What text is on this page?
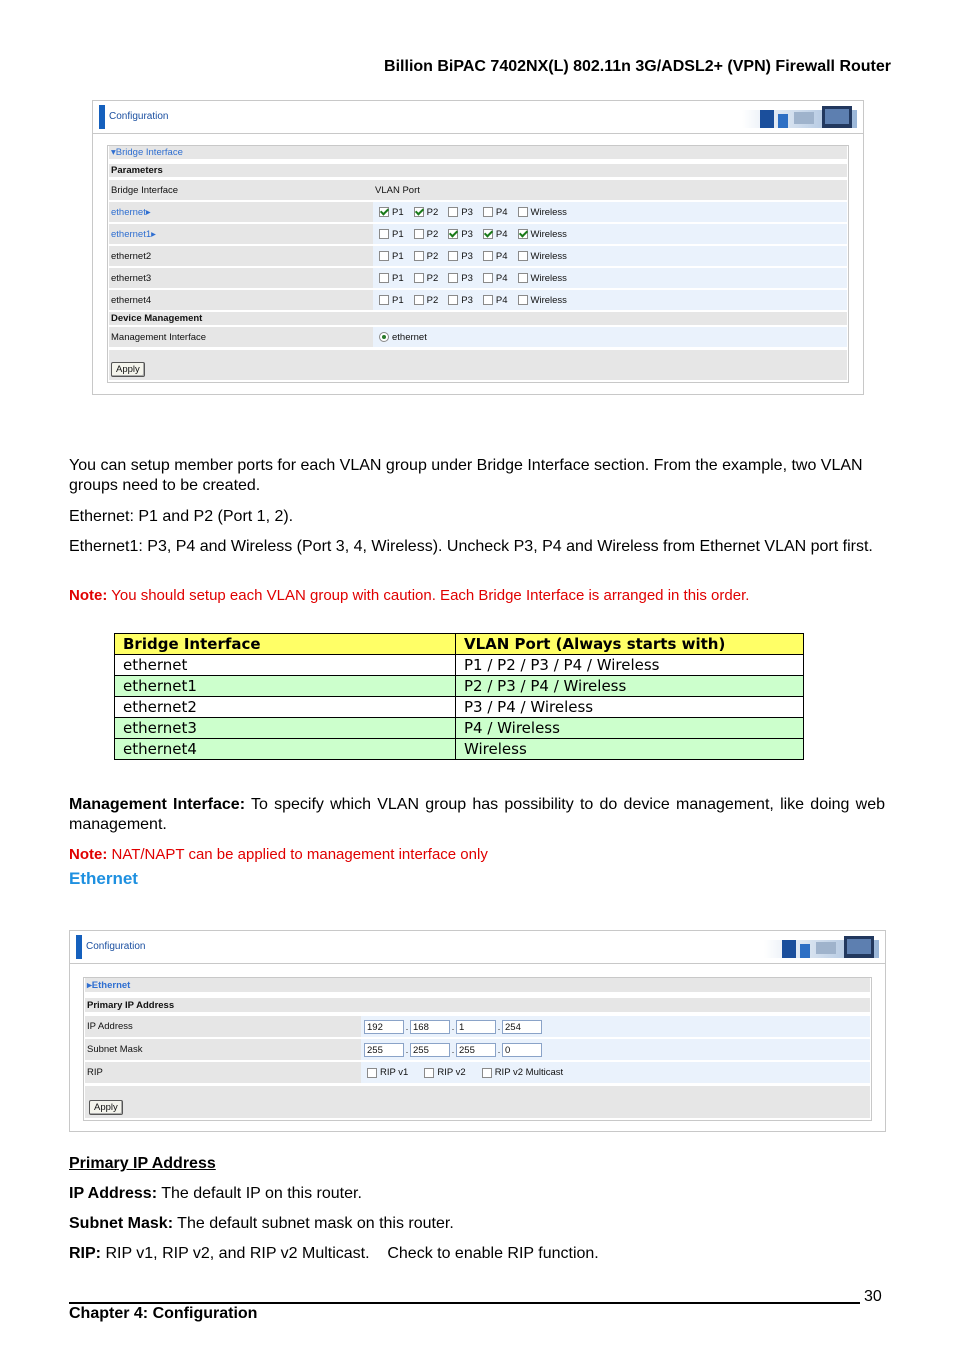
Billion BiPAC 7402NX(L) 802.11n 3G/ADSL2+ (VPN) Firewall Router
Configuration
▾ Bridge Interface
Parameters
Bridge Interface	VLAN Port
ethernet ▸	P1 P2 P3 P4 Wireless
ethernet1 ▸	P1 P2 P3 P4 Wireless
ethernet2	P1 P2 P3 P4 Wireless
ethernet3	P1 P2 P3 P4 Wireless
ethernet4	P1 P2 P3 P4 Wireless
Device Management
Management Interface	ethernet
Apply
You can setup member ports for each VLAN group under Bridge Interface section. From the example, two VLAN groups need to be created.
Ethernet: P1 and P2 (Port 1, 2).
Ethernet1: P3, P4 and Wireless (Port 3, 4, Wireless). Uncheck P3, P4 and Wireless from Ethernet VLAN port first.
Note: You should setup each VLAN group with caution. Each Bridge Interface is arranged in this order.
Bridge Interface	VLAN Port (Always starts with)
ethernet	P1 / P2 / P3 / P4 / Wireless
ethernet1	P2 / P3 / P4 / Wireless
ethernet2	P3 / P4 / Wireless
ethernet3	P4 / Wireless
ethernet4	Wireless
Management Interface: To specify which VLAN group has possibility to do device management, like doing web management.
Note: NAT/NAPT can be applied to management interface only
Ethernet
Configuration
▸ Ethernet
Primary IP Address
IP Address	192	. 168	. 1	. 254
Subnet Mask	255	. 255	. 255	. 0
RIP	RIP v1	RIP v2	RIP v2 Multicast
Apply
Primary IP Address
IP Address: The default IP on this router.
Subnet Mask: The default subnet mask on this router.
RIP: RIP v1, RIP v2, and RIP v2 Multicast.    Check to enable RIP function.
30
Chapter 4: Configuration
